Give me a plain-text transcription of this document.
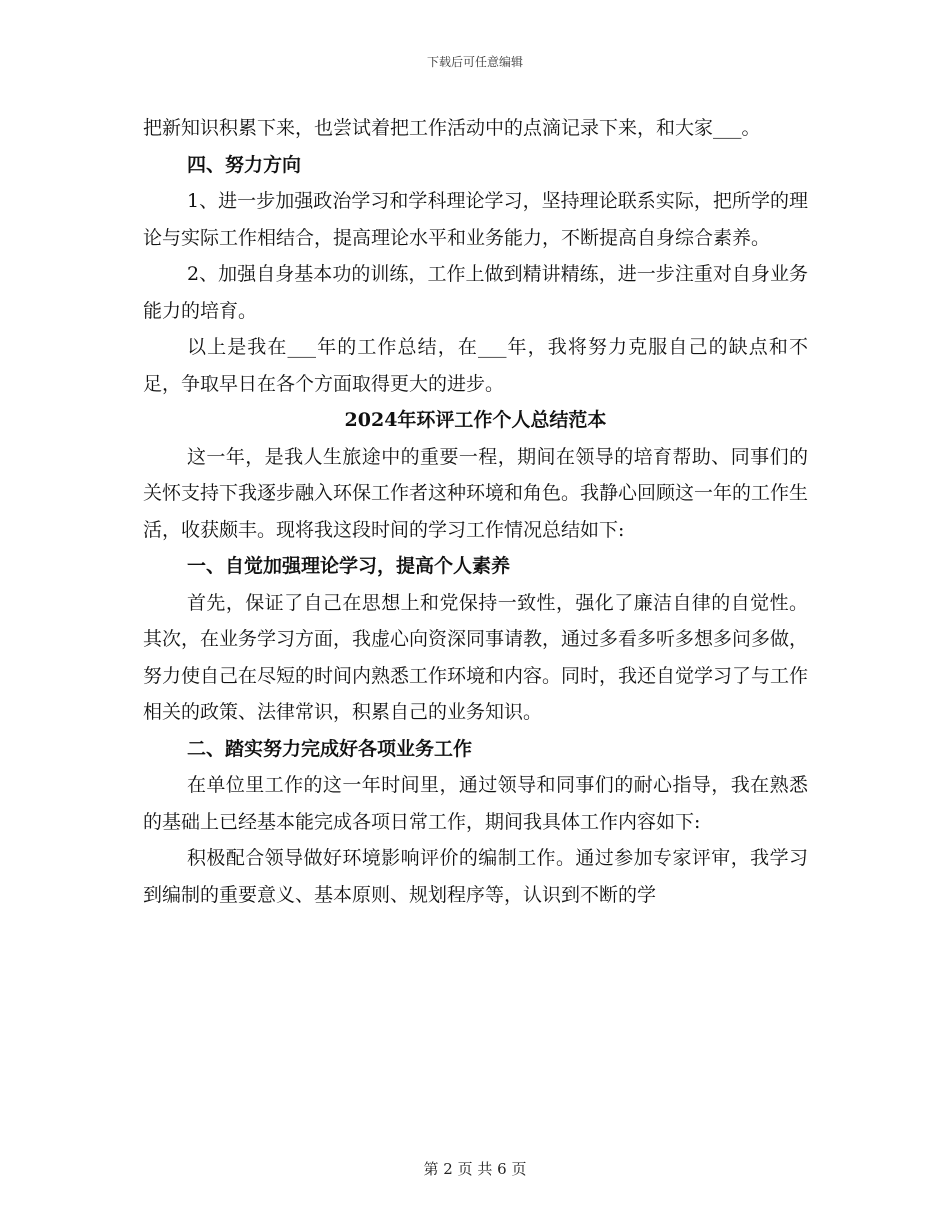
下载后可任意编辑

把新知识积累下来，也尝试着把工作活动中的点滴记录下来，和大家___。

四、努力方向

1、进一步加强政治学习和学科理论学习，坚持理论联系实际，把所学的理论与实际工作相结合，提高理论水平和业务能力，不断提高自身综合素养。

2、加强自身基本功的训练，工作上做到精讲精练，进一步注重对自身业务能力的培育。

以上是我在___年的工作总结，在___年，我将努力克服自己的缺点和不足，争取早日在各个方面取得更大的进步。

2024年环评工作个人总结范本

这一年，是我人生旅途中的重要一程，期间在领导的培育帮助、同事们的关怀支持下我逐步融入环保工作者这种环境和角色。我静心回顾这一年的工作生活，收获颇丰。现将我这段时间的学习工作情况总结如下:

一、自觉加强理论学习，提高个人素养

首先，保证了自己在思想上和党保持一致性，强化了廉洁自律的自觉性。其次，在业务学习方面，我虚心向资深同事请教，通过多看多听多想多问多做，努力使自己在尽短的时间内熟悉工作环境和内容。同时，我还自觉学习了与工作相关的政策、法律常识，积累自己的业务知识。

二、踏实努力完成好各项业务工作

在单位里工作的这一年时间里，通过领导和同事们的耐心指导，我在熟悉的基础上已经基本能完成各项日常工作，期间我具体工作内容如下:

积极配合领导做好环境影响评价的编制工作。通过参加专家评审，我学习到编制的重要意义、基本原则、规划程序等，认识到不断的学

第 2 页 共 6 页
